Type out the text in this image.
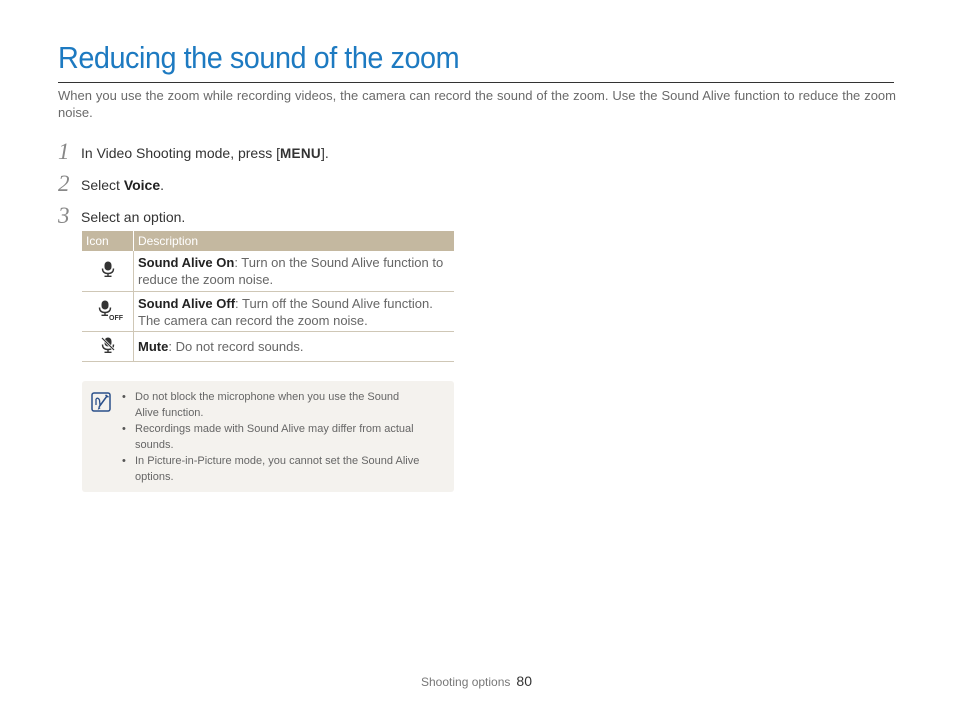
Reducing the sound of the zoom

When you use the zoom while recording videos, the camera can record the sound of the zoom. Use the Sound Alive function to reduce the zoom noise.

1 In Video Shooting mode, press [MENU].
2 Select Voice.
3 Select an option.
Icon	Description
	Sound Alive On: Turn on the Sound Alive function to reduce the zoom noise.

OFF	Sound Alive Off: Turn off the Sound Alive function. The camera can record the zoom noise.
	Mute: Do not record sounds.
• Do not block the microphone when you use the Sound Alive function.
• Recordings made with Sound Alive may differ from actual sounds.
• In Picture-in-Picture mode, you cannot set the Sound Alive options.
Shooting options 80
